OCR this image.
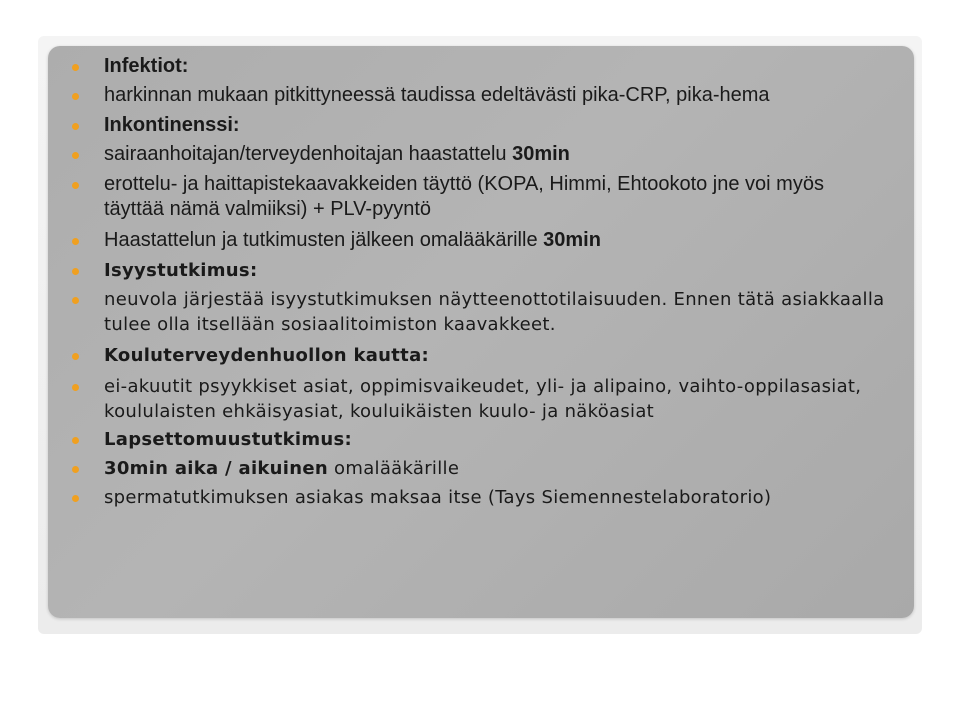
Infektiot:
harkinnan mukaan pitkittyneessä taudissa edeltävästi pika-CRP, pika-hema
Inkontinenssi:
sairaanhoitajan/terveydenhoitajan haastattelu 30min
erottelu- ja haittapistekaavakkeiden täyttö (KOPA, Himmi, Ehtookoto jne voi myös täyttää nämä valmiiksi) + PLV-pyyntö
Haastattelun ja tutkimusten jälkeen omalääkärille 30min
Isyystutkimus:
neuvola järjestää isyystutkimuksen näytteenottotilaisuuden. Ennen tätä asiakkaalla tulee olla itsellään sosiaalitoimiston kaavakkeet.
Kouluterveydenhuollon kautta:
ei-akuutit psyykkiset asiat, oppimisvaikeudet, yli- ja alipaino, vaihto-oppilasasiat, koululaisten ehkäisyasiat, kouluikäisten kuulo- ja näköasiat
Lapsettomuustutkimus:
30min aika / aikuinen omalääkärille
spermatutkimuksen asiakas maksaa itse (Tays Siemennestelaboratorio)
